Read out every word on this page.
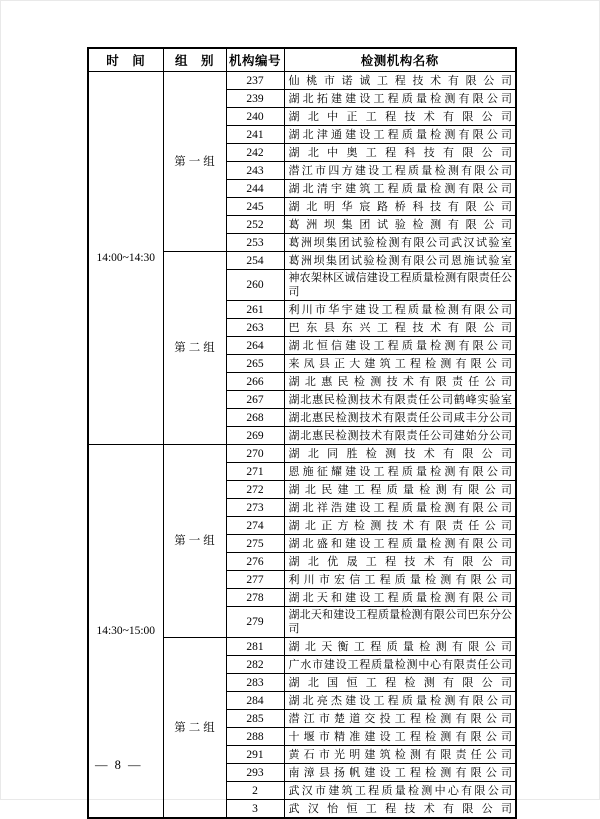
时　间	组　别	机构编号	检测机构名称
14:00~14:30	第一组	237	仙桃市诺诚工程技术有限公司
		239	湖北拓建建设工程质量检测有限公司
		240	湖北中正工程技术有限公司
		241	湖北津通建设工程质量检测有限公司
		242	湖北中奥工程科技有限公司
		243	潜江市四方建设工程质量检测有限公司
		244	湖北清宇建筑工程质量检测有限公司
		245	湖北明华宸路桥科技有限公司
		252	葛洲坝集团试验检测有限公司
		253	葛洲坝集团试验检测有限公司武汉试验室
	第二组	254	葛洲坝集团试验检测有限公司恩施试验室
		260	神农架林区诚信建设工程质量检测有限责任公司
		261	利川市华宇建设工程质量检测有限公司
		263	巴东县东兴工程技术有限公司
		264	湖北恒信建设工程质量检测有限公司
		265	来凤县正大建筑工程检测有限公司
		266	湖北惠民检测技术有限责任公司
		267	湖北惠民检测技术有限责任公司鹤峰实验室
		268	湖北惠民检测技术有限责任公司咸丰分公司
		269	湖北惠民检测技术有限责任公司建始分公司
14:30~15:00	第一组	270	湖北同胜检测技术有限公司
		271	恩施征耀建设工程质量检测有限公司
		272	湖北民建工程质量检测有限公司
		273	湖北祥浩建设工程质量检测有限公司
		274	湖北正方检测技术有限责任公司
		275	湖北盛和建设工程质量检测有限公司
		276	湖北优晟工程技术有限公司
		277	利川市宏信工程质量检测有限公司
		278	湖北天和建设工程质量检测有限公司
		279	湖北天和建设工程质量检测有限公司巴东分公司
	第二组	281	湖北天衡工程质量检测有限公司
		282	广水市建设工程质量检测中心有限责任公司
		283	湖北国恒工程检测有限公司
		284	湖北亮杰建设工程质量检测有限公司
		285	潜江市楚道交投工程检测有限公司
		288	十堰市精准建设工程检测有限公司
		291	黄石市光明建筑检测有限责任公司
		293	南漳县扬帆建设工程检测有限公司
		2	武汉市建筑工程质量检测中心有限公司
		3	武汉怡恒工程技术有限公司
— 8 —
